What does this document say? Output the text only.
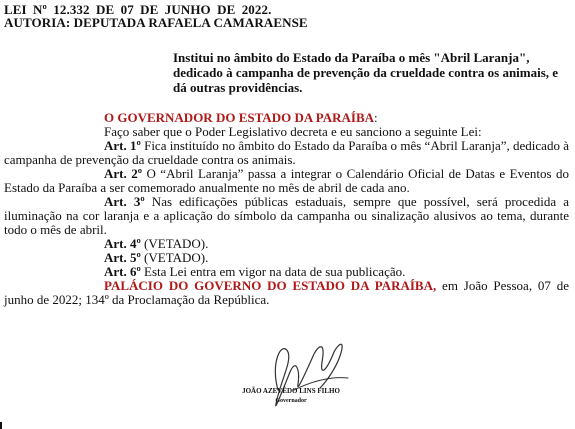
LEI Nº 12.332 DE 07 DE JUNHO DE 2022.
AUTORIA: DEPUTADA RAFAELA CAMARAENSE
Institui no âmbito do Estado da Paraíba o mês "Abril Laranja", dedicado à campanha de prevenção da crueldade contra os animais, e dá outras providências.

O GOVERNADOR DO ESTADO DA PARAÍBA:

Faço saber que o Poder Legislativo decreta e eu sanciono a seguinte Lei:

Art. 1º Fica instituído no âmbito do Estado da Paraíba o mês “Abril Laranja”, dedicado à campanha de prevenção da crueldade contra os animais.

Art. 2º O “Abril Laranja” passa a integrar o Calendário Oficial de Datas e Eventos do Estado da Paraíba a ser comemorado anualmente no mês de abril de cada ano.

Art. 3º Nas edificações públicas estaduais, sempre que possível, será procedida a iluminação na cor laranja e a aplicação do símbolo da campanha ou sinalização alusivos ao tema, durante todo o mês de abril.

Art. 4º (VETADO).

Art. 5º (VETADO).

Art. 6º Esta Lei entra em vigor na data de sua publicação.

PALÁCIO DO GOVERNO DO ESTADO DA PARAÍBA, em João Pessoa, 07 de junho de 2022; 134º da Proclamação da República.

JOÃO AZEVÊDO LINS FILHO
Governador
